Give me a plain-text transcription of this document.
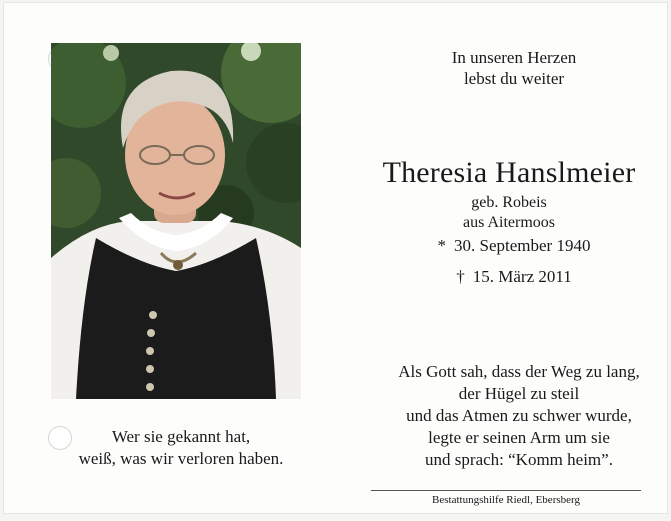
In unseren Herzen
lebst du weiter
Theresia Hanslmeier
geb. Robeis
aus Aitermoos
* 30. September 1940
† 15. März 2011
Als Gott sah, dass der Weg zu lang,
der Hügel zu steil
und das Atmen zu schwer wurde,
legte er seinen Arm um sie
und sprach: “Komm heim”.
Wer sie gekannt hat,
weiß, was wir verloren haben.
Bestattungshilfe Riedl, Ebersberg
